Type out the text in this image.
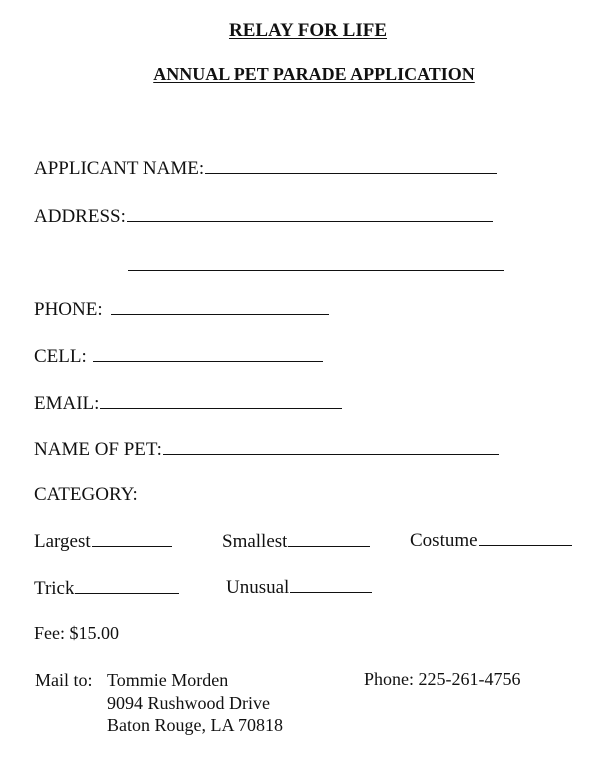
RELAY FOR LIFE
ANNUAL PET PARADE APPLICATION
APPLICANT NAME:
ADDRESS:
PHONE:
CELL:
EMAIL:
NAME OF PET:
CATEGORY:
Largest	Smallest	Costume
Trick	Unusual
Fee: $15.00
Mail to: Tommie Morden
9094 Rushwood Drive
Baton Rouge, LA 70818
Phone: 225-261-4756
